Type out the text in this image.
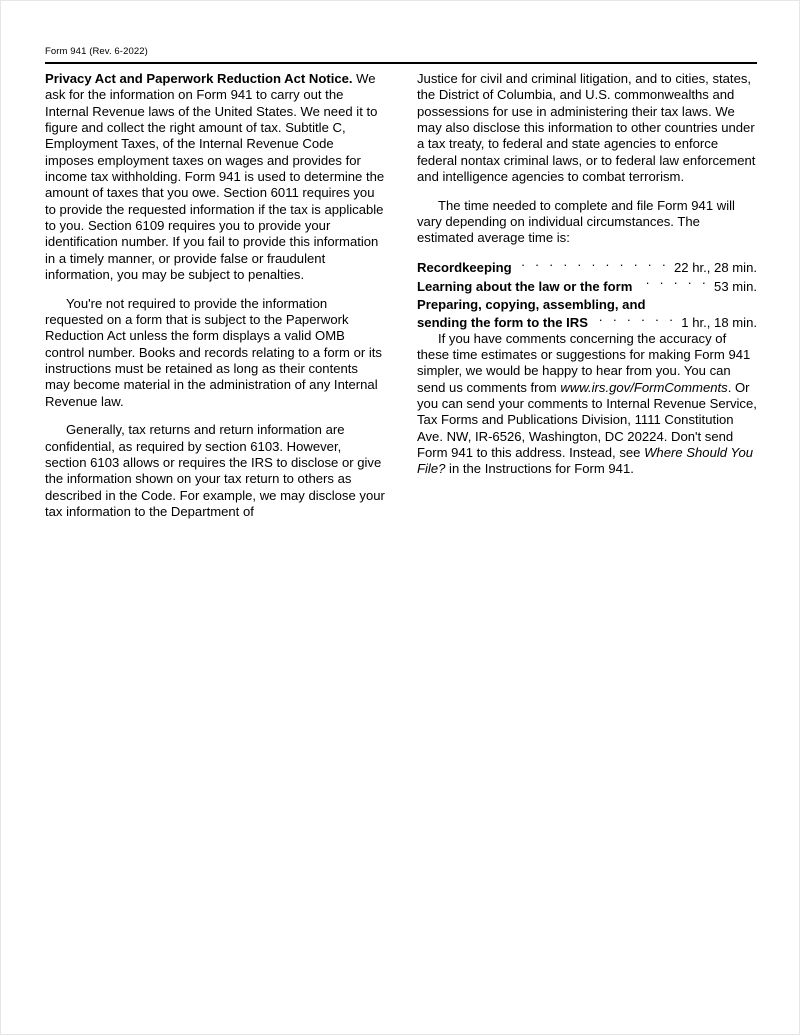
Form 941 (Rev. 6-2022)

Privacy Act and Paperwork Reduction Act Notice. We ask for the information on Form 941 to carry out the Internal Revenue laws of the United States. We need it to figure and collect the right amount of tax. Subtitle C, Employment Taxes, of the Internal Revenue Code imposes employment taxes on wages and provides for income tax withholding. Form 941 is used to determine the amount of taxes that you owe. Section 6011 requires you to provide the requested information if the tax is applicable to you. Section 6109 requires you to provide your identification number. If you fail to provide this information in a timely manner, or provide false or fraudulent information, you may be subject to penalties.

You're not required to provide the information requested on a form that is subject to the Paperwork Reduction Act unless the form displays a valid OMB control number. Books and records relating to a form or its instructions must be retained as long as their contents may become material in the administration of any Internal Revenue law.

Generally, tax returns and return information are confidential, as required by section 6103. However, section 6103 allows or requires the IRS to disclose or give the information shown on your tax return to others as described in the Code. For example, we may disclose your tax information to the Department of

Justice for civil and criminal litigation, and to cities, states, the District of Columbia, and U.S. commonwealths and possessions for use in administering their tax laws. We may also disclose this information to other countries under a tax treaty, to federal and state agencies to enforce federal nontax criminal laws, or to federal law enforcement and intelligence agencies to combat terrorism.

The time needed to complete and file Form 941 will vary depending on individual circumstances. The estimated average time is:

Recordkeeping . .	22 hr., 28 min.
Learning about the law or the form . .	53 min.
Preparing, copying, assembling, and
sending the form to the IRS . .	1 hr., 18 min.

If you have comments concerning the accuracy of these time estimates or suggestions for making Form 941 simpler, we would be happy to hear from you. You can send us comments from www.irs.gov/FormComments. Or you can send your comments to Internal Revenue Service, Tax Forms and Publications Division, 1111 Constitution Ave. NW, IR-6526, Washington, DC 20224. Don't send Form 941 to this address. Instead, see Where Should You File? in the Instructions for Form 941.
